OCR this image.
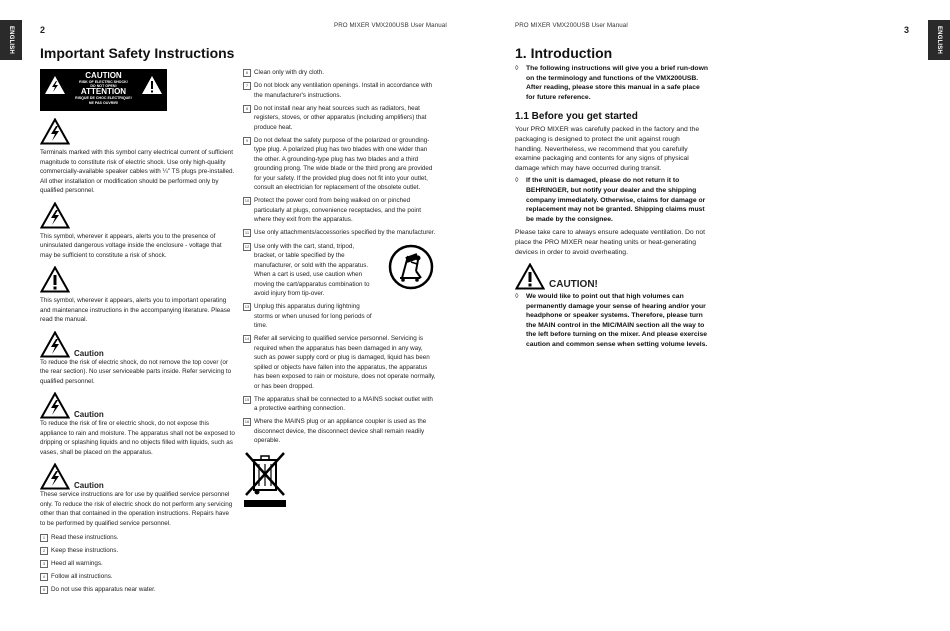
ENGLISH	2	PRO MIXER VMX200USB User Manual
Important Safety Instructions
CAUTION
RISK OF ELECTRIC SHOCK!
DO NOT OPEN!
ATTENTION
RISQUE DE CHOC ELECTRIQUE!
NE PAS OUVRIR!

Terminals marked with this symbol carry electrical current of sufficient magnitude to constitute risk of electric shock. Use only high-quality commercially-available speaker cables with ¼" TS plugs pre-installed. All other installation or modification should be performed only by qualified personnel.

This symbol, wherever it appears, alerts you to the presence of uninsulated dangerous voltage inside the enclosure - voltage that may be sufficient to constitute a risk of shock.

This symbol, wherever it appears, alerts you to important operating and maintenance instructions in the accompanying literature. Please read the manual.

Caution

To reduce the risk of electric shock, do not remove the top cover (or the rear section). No user serviceable parts inside. Refer servicing to qualified personnel.

Caution

To reduce the risk of fire or electric shock, do not expose this appliance to rain and moisture. The apparatus shall not be exposed to dripping or splashing liquids and no objects filled with liquids, such as vases, shall be placed on the apparatus.

Caution

These service instructions are for use by qualified service personnel only. To reduce the risk of electric shock do not perform any servicing other than that contained in the operation instructions. Repairs have to be performed by qualified service personnel.

1 Read these instructions.
2 Keep these instructions.
3 Heed all warnings.
4 Follow all instructions.
5 Do not use this apparatus near water.
6 Clean only with dry cloth.
7 Do not block any ventilation openings. Install in accordance with the manufacturer's instructions.
8 Do not install near any heat sources such as radiators, heat registers, stoves, or other apparatus (including amplifiers) that produce heat.
9 Do not defeat the safety purpose of the polarized or grounding-type plug. A polarized plug has two blades with one wider than the other. A grounding-type plug has two blades and a third grounding prong. The wide blade or the third prong are provided for your safety. If the provided plug does not fit into your outlet, consult an electrician for replacement of the obsolete outlet.
10 Protect the power cord from being walked on or pinched particularly at plugs, convenience receptacles, and the point where they exit from the apparatus.
11 Use only attachments/accessories specified by the manufacturer.
12 Use only with the cart, stand, tripod, bracket, or table specified by the manufacturer, or sold with the apparatus. When a cart is used, use caution when moving the cart/apparatus combination to avoid injury from tip-over.
13 Unplug this apparatus during lightning storms or when unused for long periods of time.
14 Refer all servicing to qualified service personnel. Servicing is required when the apparatus has been damaged in any way, such as power supply cord or plug is damaged, liquid has been spilled or objects have fallen into the apparatus, the apparatus has been exposed to rain or moisture, does not operate normally, or has been dropped.
15 The apparatus shall be connected to a MAINS socket outlet with a protective earthing connection.
16 Where the MAINS plug or an appliance coupler is used as the disconnect device, the disconnect device shall remain readily operable.
ENGLISH
3
PRO MIXER VMX200USB User Manual
1. Introduction
◊ The following instructions will give you a brief run-down on the terminology and functions of the VMX200USB. After reading, please store this manual in a safe place for future reference.
1.1 Before you get started
Your PRO MIXER was carefully packed in the factory and the packaging is designed to protect the unit against rough handling. Nevertheless, we recommend that you carefully examine packaging and contents for any signs of physical damage which may have occurred during transit.
◊ If the unit is damaged, please do not return it to BEHRINGER, but notify your dealer and the shipping company immediately. Otherwise, claims for damage or replacement may not be granted. Shipping claims must be made by the consignee.
Please take care to always ensure adequate ventilation. Do not place the PRO MIXER near heating units or heat-generating devices in order to avoid overheating.
CAUTION!
◊ We would like to point out that high volumes can permanently damage your sense of hearing and/or your headphone or speaker systems. Therefore, please turn the MAIN control in the MIC/MAIN section all the way to the left before turning on the mixer. And please exercise caution and common sense when setting volume levels.
